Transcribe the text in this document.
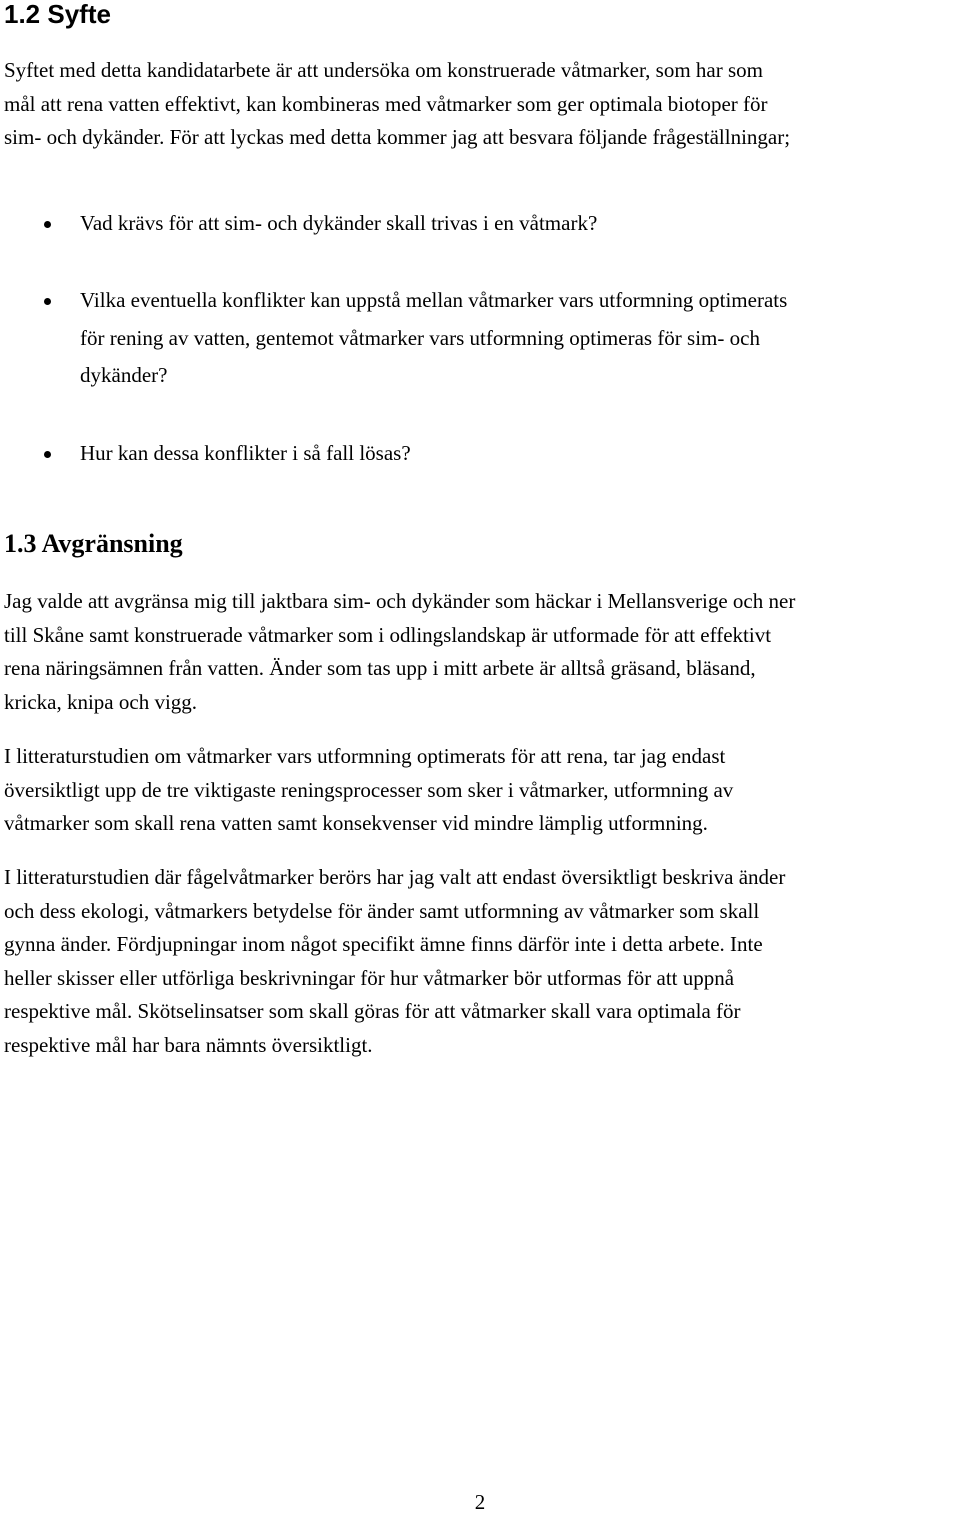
1.2 Syfte

Syftet med detta kandidatarbete är att undersöka om konstruerade våtmarker, som har som
mål att rena vatten effektivt, kan kombineras med våtmarker som ger optimala biotoper för
sim- och dykänder. För att lyckas med detta kommer jag att besvara följande frågeställningar;

Vad krävs för att sim- och dykänder skall trivas i en våtmark?
Vilka eventuella konflikter kan uppstå mellan våtmarker vars utformning optimerats
för rening av vatten, gentemot våtmarker vars utformning optimeras för sim- och
dykänder?
Hur kan dessa konflikter i så fall lösas?
1.3 Avgränsning

Jag valde att avgränsa mig till jaktbara sim- och dykänder som häckar i Mellansverige och ner
till Skåne samt konstruerade våtmarker som i odlingslandskap är utformade för att effektivt
rena näringsämnen från vatten. Änder som tas upp i mitt arbete är alltså gräsand, bläsand,
kricka, knipa och vigg.

I litteraturstudien om våtmarker vars utformning optimerats för att rena, tar jag endast
översiktligt upp de tre viktigaste reningsprocesser som sker i våtmarker, utformning av
våtmarker som skall rena vatten samt konsekvenser vid mindre lämplig utformning.

I litteraturstudien där fågelvåtmarker berörs har jag valt att endast översiktligt beskriva änder
och dess ekologi, våtmarkers betydelse för änder samt utformning av våtmarker som skall
gynna änder. Fördjupningar inom något specifikt ämne finns därför inte i detta arbete. Inte
heller skisser eller utförliga beskrivningar för hur våtmarker bör utformas för att uppnå
respektive mål. Skötselinsatser som skall göras för att våtmarker skall vara optimala för
respektive mål har bara nämnts översiktligt.

2
